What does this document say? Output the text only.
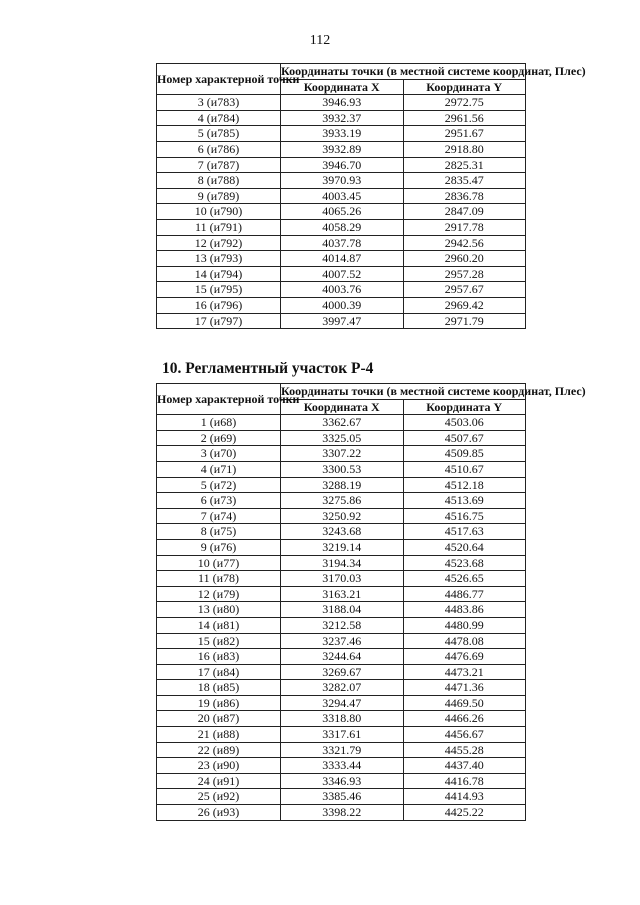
112
Номер характерной точки	Координаты точки (в местной системе координат, Плес)	
	Координата X	Координата Y
3 (и783)	3946.93	2972.75
4 (и784)	3932.37	2961.56
5 (и785)	3933.19	2951.67
6 (и786)	3932.89	2918.80
7 (и787)	3946.70	2825.31
8 (и788)	3970.93	2835.47
9 (и789)	4003.45	2836.78
10 (и790)	4065.26	2847.09
11 (и791)	4058.29	2917.78
12 (и792)	4037.78	2942.56
13 (и793)	4014.87	2960.20
14 (и794)	4007.52	2957.28
15 (и795)	4003.76	2957.67
16 (и796)	4000.39	2969.42
17 (и797)	3997.47	2971.79
10. Регламентный участок Р-4
Номер характерной точки	Координаты точки (в местной системе координат, Плес)	
	Координата X	Координата Y
1 (и68)	3362.67	4503.06
2 (и69)	3325.05	4507.67
3 (и70)	3307.22	4509.85
4 (и71)	3300.53	4510.67
5 (и72)	3288.19	4512.18
6 (и73)	3275.86	4513.69
7 (и74)	3250.92	4516.75
8 (и75)	3243.68	4517.63
9 (и76)	3219.14	4520.64
10 (и77)	3194.34	4523.68
11 (и78)	3170.03	4526.65
12 (и79)	3163.21	4486.77
13 (и80)	3188.04	4483.86
14 (и81)	3212.58	4480.99
15 (и82)	3237.46	4478.08
16 (и83)	3244.64	4476.69
17 (и84)	3269.67	4473.21
18 (и85)	3282.07	4471.36
19 (и86)	3294.47	4469.50
20 (и87)	3318.80	4466.26
21 (и88)	3317.61	4456.67
22 (и89)	3321.79	4455.28
23 (и90)	3333.44	4437.40
24 (и91)	3346.93	4416.78
25 (и92)	3385.46	4414.93
26 (и93)	3398.22	4425.22
